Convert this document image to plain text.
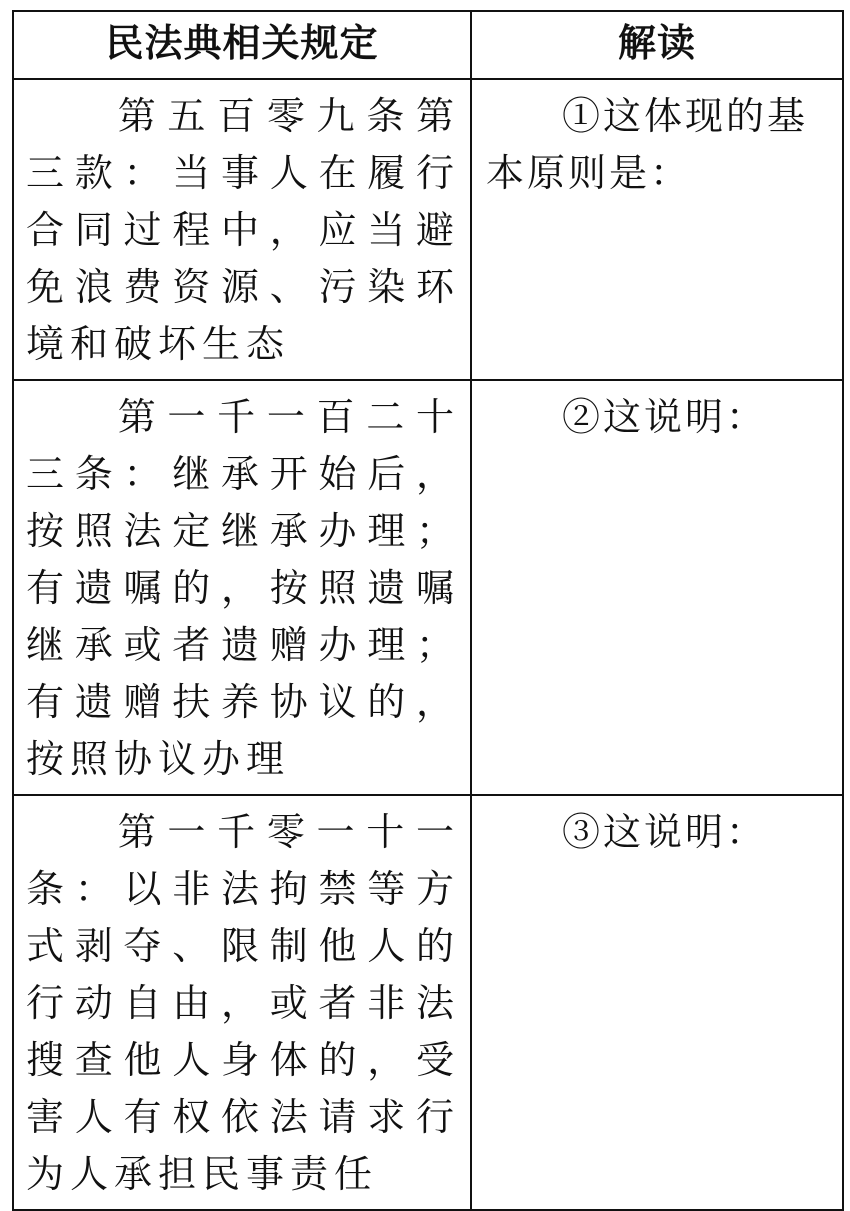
民法典相关规定	解读

第五百零九条第三款：当事人在履行合同过程中，应当避免浪费资源、污染环境和破坏生态	①这体现的基本原则是：

第一千一百二十三条：继承开始后，按照法定继承办理；有遗嘱的，按照遗嘱继承或者遗赠办理；有遗赠扶养协议的，按照协议办理	②这说明：

第一千零一十一条：以非法拘禁等方式剥夺、限制他人的行动自由，或者非法搜查他人身体的，受害人有权依法请求行为人承担民事责任	③这说明：
